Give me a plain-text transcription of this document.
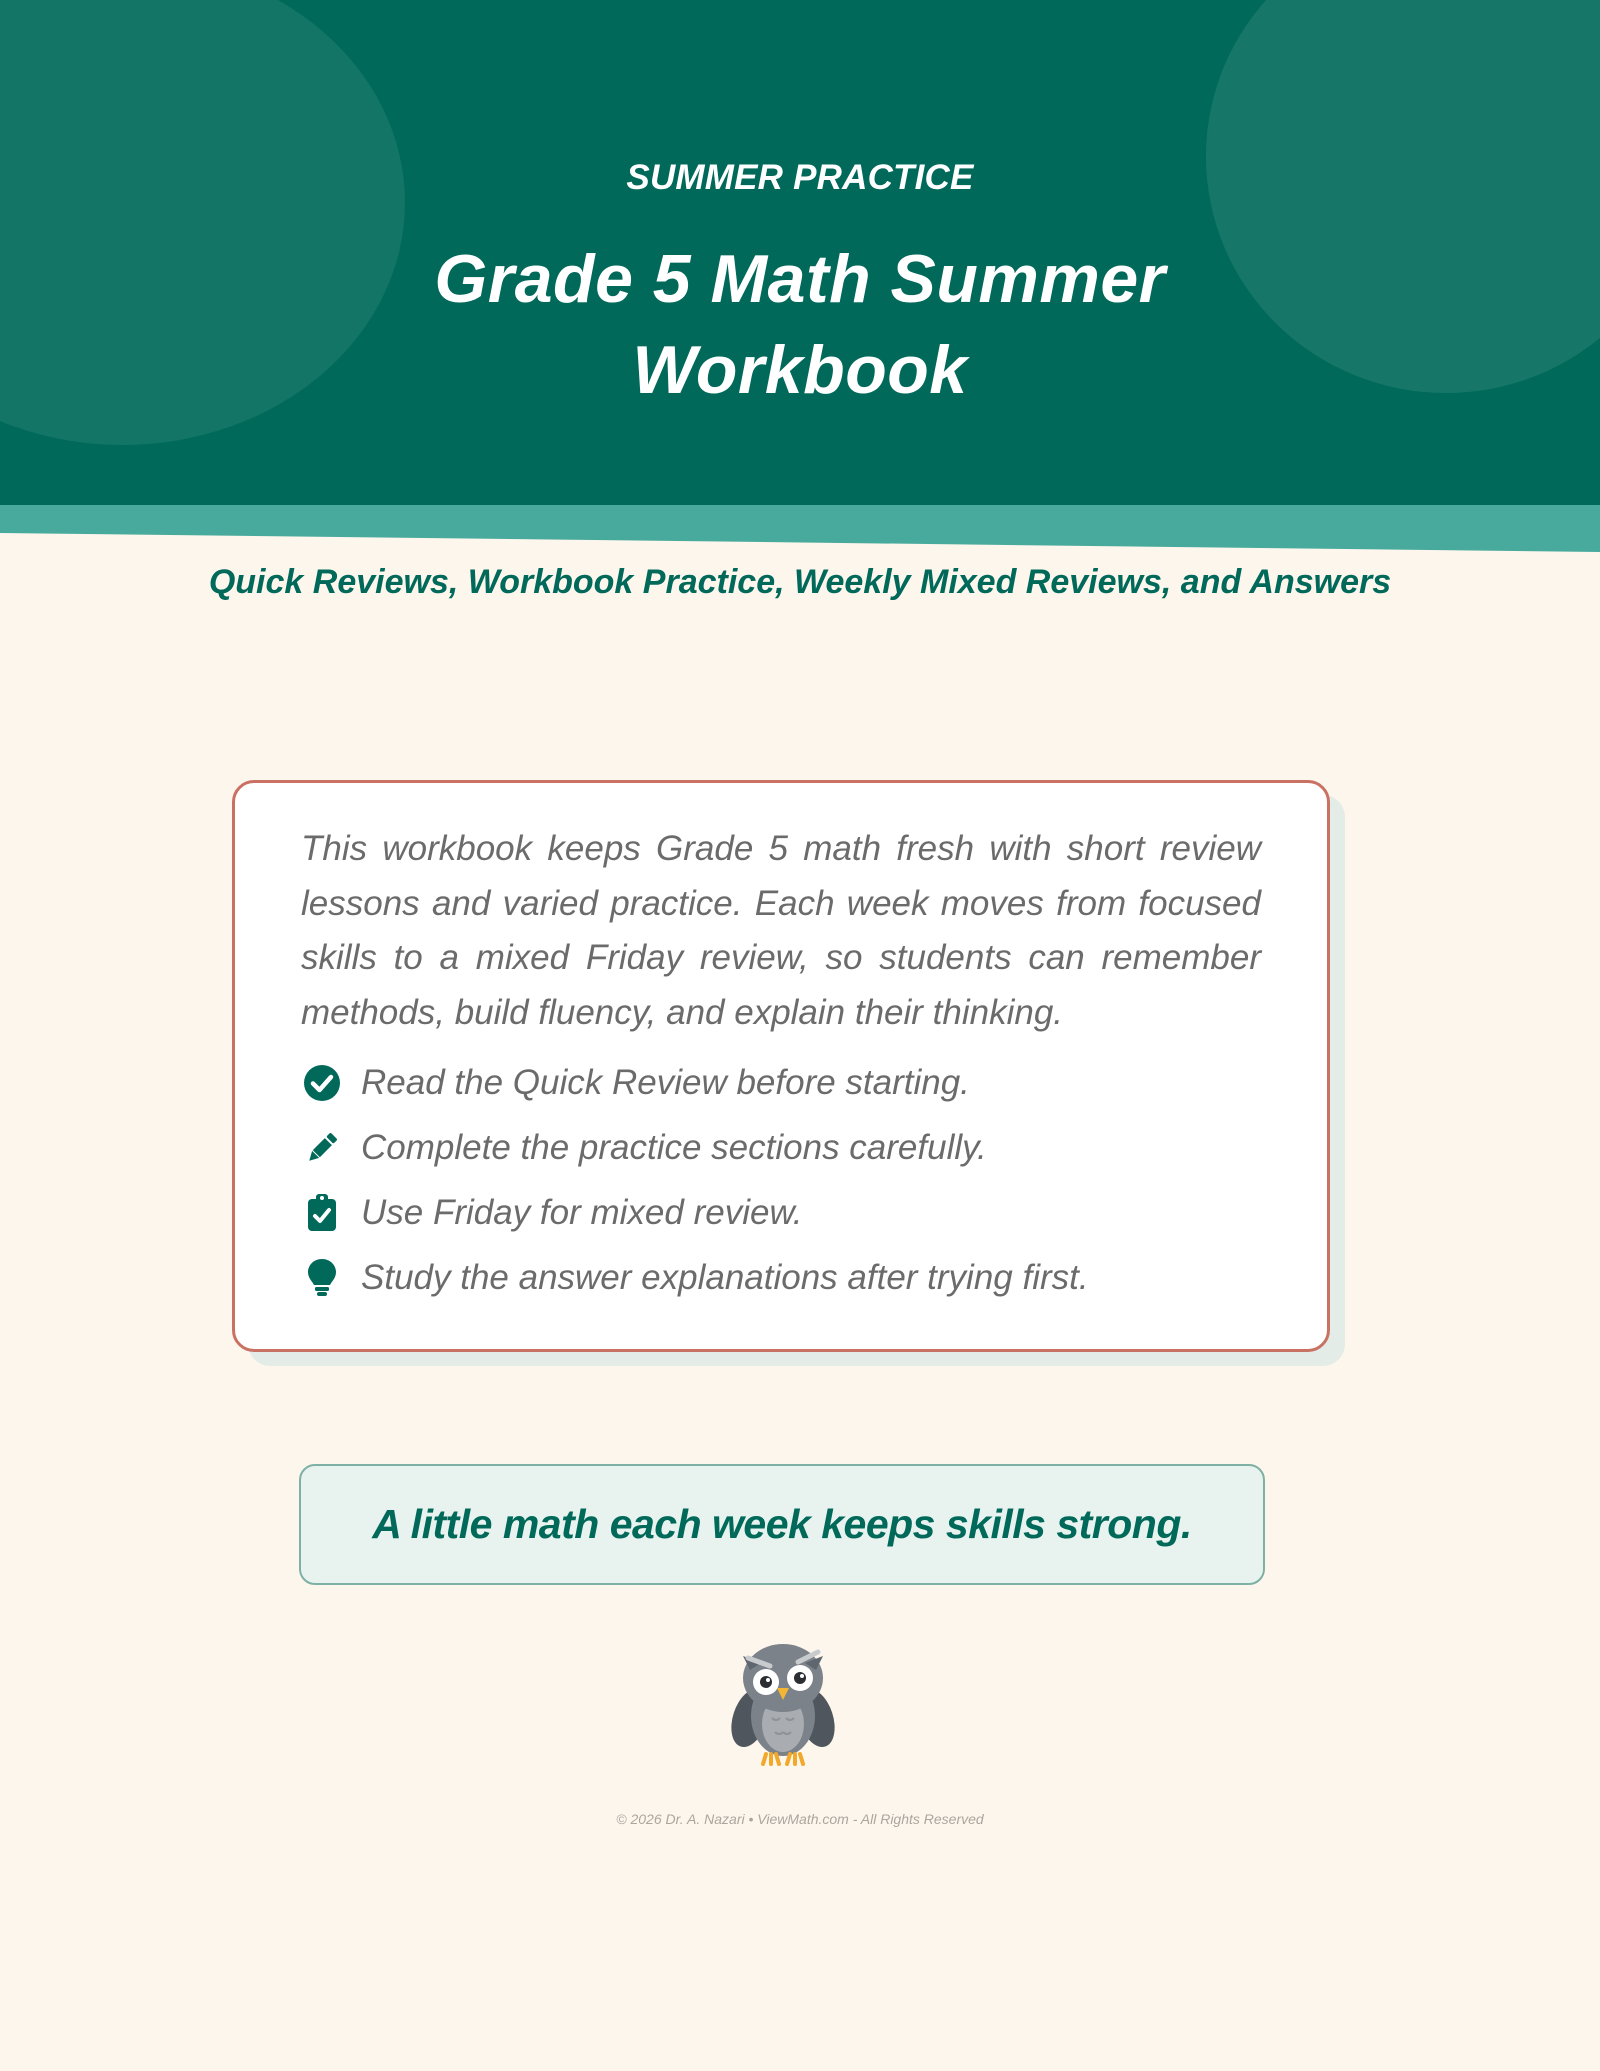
SUMMER PRACTICE
Grade 5 Math Summer Workbook
Quick Reviews, Workbook Practice, Weekly Mixed Reviews, and Answers

This workbook keeps Grade 5 math fresh with short review lessons and varied practice. Each week moves from focused skills to a mixed Friday review, so students can remember methods, build fluency, and explain their thinking.

Read the Quick Review before starting.
Complete the practice sections carefully.
Use Friday for mixed review.
Study the answer explanations after trying first.
A little math each week keeps skills strong.
© 2026 Dr. A. Nazari • ViewMath.com - All Rights Reserved
